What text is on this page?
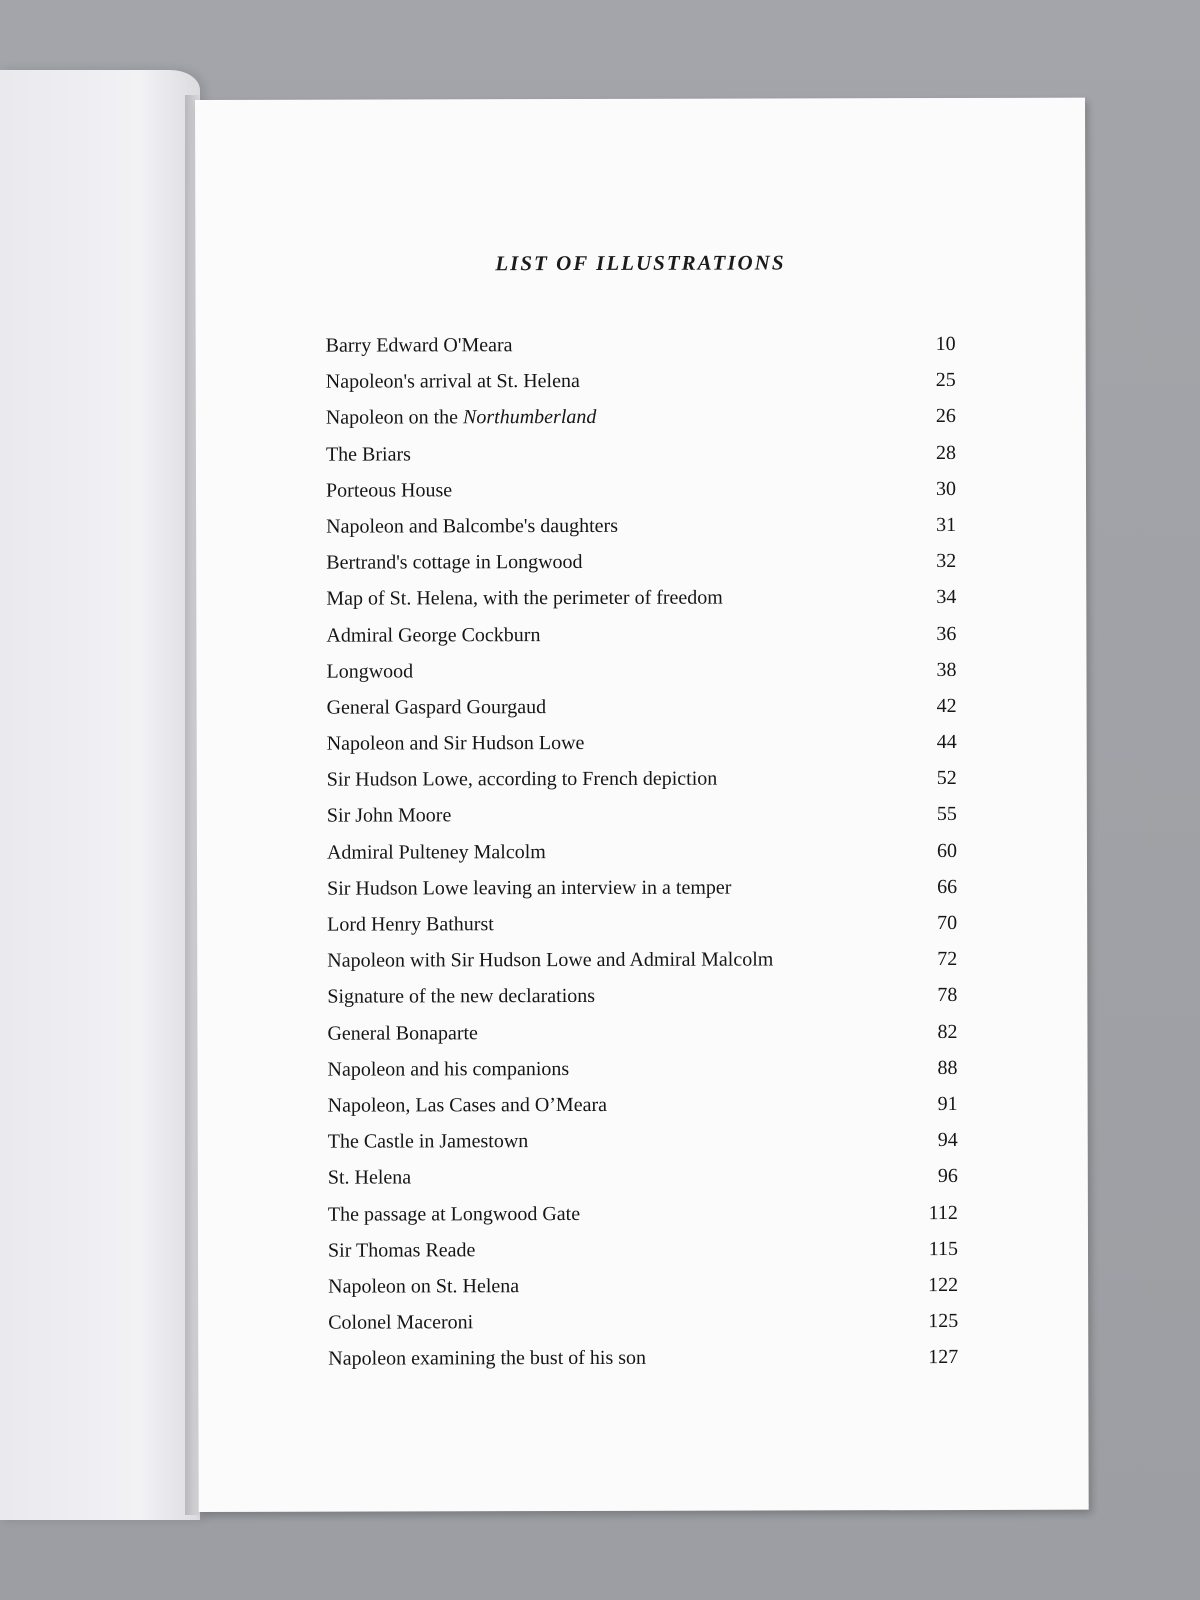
LIST OF ILLUSTRATIONS
Barry Edward O'Meara	10
Napoleon's arrival at St. Helena	25
Napoleon on the Northumberland	26
The Briars	28
Porteous House	30
Napoleon and Balcombe's daughters	31
Bertrand's cottage in Longwood	32
Map of St. Helena, with the perimeter of freedom	34
Admiral George Cockburn	36
Longwood	38
General Gaspard Gourgaud	42
Napoleon and Sir Hudson Lowe	44
Sir Hudson Lowe, according to French depiction	52
Sir John Moore	55
Admiral Pulteney Malcolm	60
Sir Hudson Lowe leaving an interview in a temper	66
Lord Henry Bathurst	70
Napoleon with Sir Hudson Lowe and Admiral Malcolm	72
Signature of the new declarations	78
General Bonaparte	82
Napoleon and his companions	88
Napoleon, Las Cases and O’Meara	91
The Castle in Jamestown	94
St. Helena	96
The passage at Longwood Gate	112
Sir Thomas Reade	115
Napoleon on St. Helena	122
Colonel Maceroni	125
Napoleon examining the bust of his son	127
